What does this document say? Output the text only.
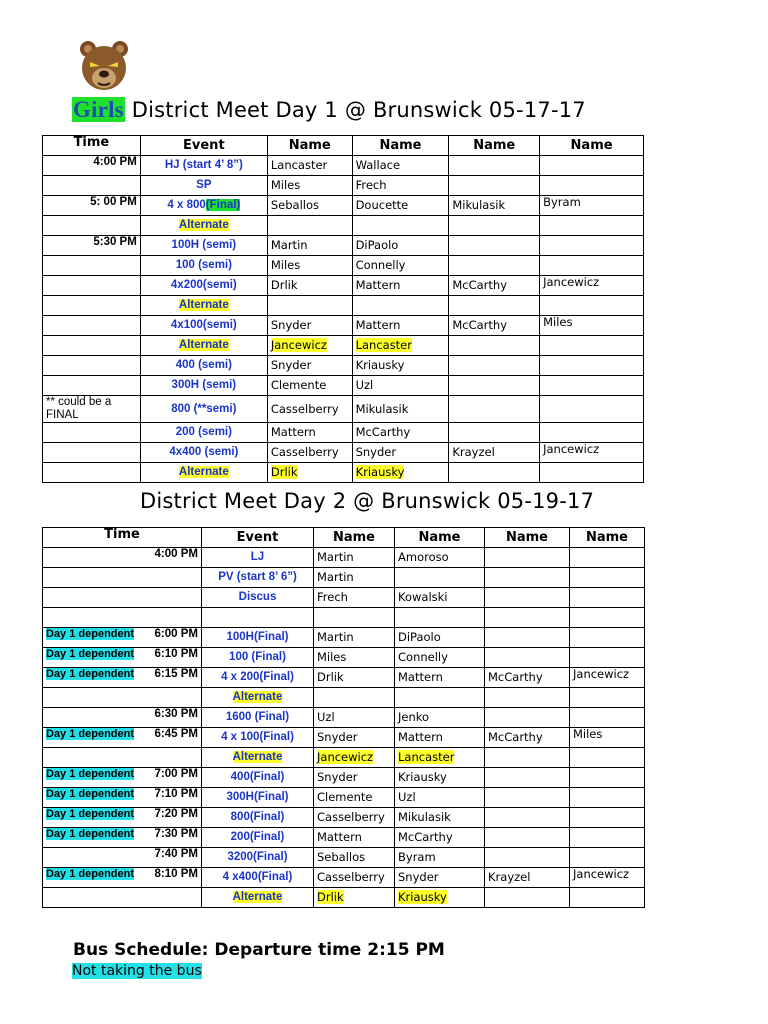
Girls District Meet Day 1 @ Brunswick 05-17-17
Time	Event	Name	Name	Name	Name
4:00 PM	HJ (start 4’ 8”)	Lancaster	Wallace		
	SP	Miles	Frech		
5: 00 PM	4 x 800(Final)	Seballos	Doucette	Mikulasik	Byram
	Alternate				
5:30 PM	100H (semi)	Martin	DiPaolo		
	100 (semi)	Miles	Connelly		
	4x200(semi)	Drlik	Mattern	McCarthy	Jancewicz
	Alternate				
	4x100(semi)	Snyder	Mattern	McCarthy	Miles
	Alternate	Jancewicz	Lancaster		
	400 (semi)	Snyder	Kriausky		
	300H (semi)	Clemente	Uzl		
** could be a FINAL	800 (**semi)	Casselberry	Mikulasik		
	200 (semi)	Mattern	McCarthy		
	4x400 (semi)	Casselberry	Snyder	Krayzel	Jancewicz
	Alternate	Drlik	Kriausky		
District Meet Day 2 @ Brunswick 05-19-17
Time	Event	Name	Name	Name	Name
4:00 PM	LJ	Martin	Amoroso		
	PV (start 8’ 6”)	Martin			
	Discus	Frech	Kowalski		

Day 1 dependent 6:00 PM	100H(Final)	Martin	DiPaolo		
Day 1 dependent 6:10 PM	100 (Final)	Miles	Connelly		
Day 1 dependent 6:15 PM	4 x 200(Final)	Drlik	Mattern	McCarthy	Jancewicz
	Alternate				
6:30 PM	1600 (Final)	Uzl	Jenko		
Day 1 dependent 6:45 PM	4 x 100(Final)	Snyder	Mattern	McCarthy	Miles
	Alternate	Jancewicz	Lancaster		
Day 1 dependent 7:00 PM	400(Final)	Snyder	Kriausky		
Day 1 dependent 7:10 PM	300H(Final)	Clemente	Uzl		
Day 1 dependent 7:20 PM	800(Final)	Casselberry	Mikulasik		
Day 1 dependent 7:30 PM	200(Final)	Mattern	McCarthy		
7:40 PM	3200(Final)	Seballos	Byram		
Day 1 dependent 8:10 PM	4 x400(Final)	Casselberry	Snyder	Krayzel	Jancewicz
	Alternate	Drlik	Kriausky		
Bus Schedule: Departure time 2:15 PM
Not taking the bus
